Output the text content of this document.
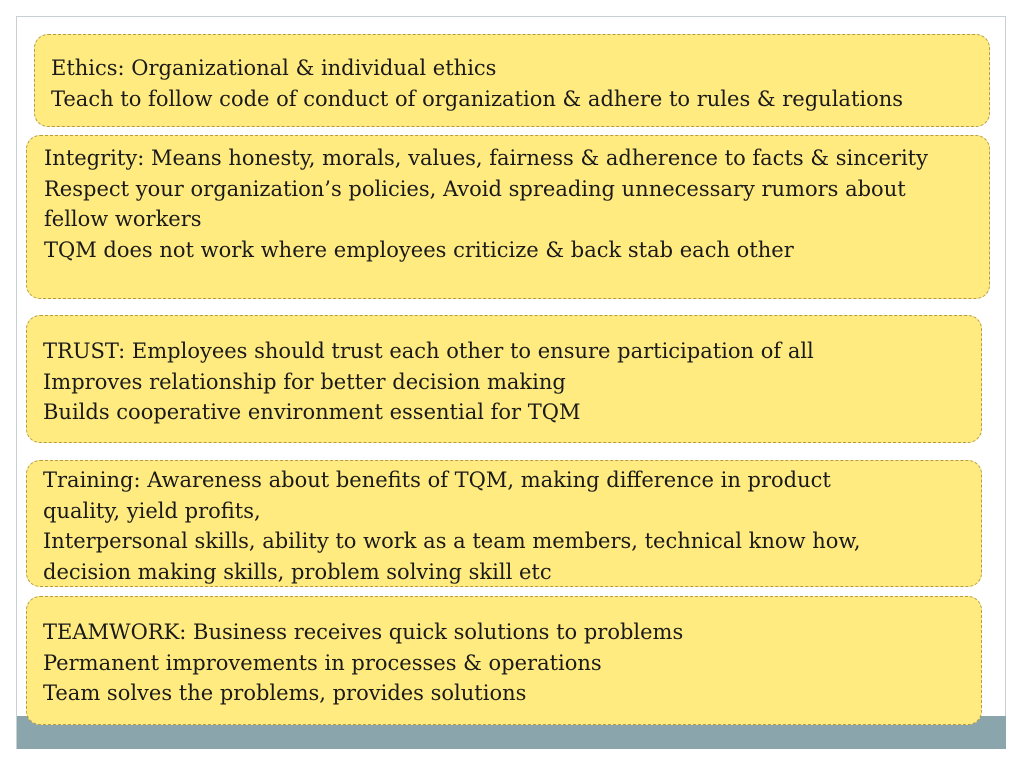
Ethics: Organizational & individual ethics
Teach to follow code of conduct of organization & adhere to rules & regulations
Integrity: Means honesty, morals, values, fairness & adherence to facts & sincerity
Respect your organization’s policies, Avoid spreading unnecessary rumors about
fellow workers
TQM does not work where employees criticize & back stab each other
TRUST: Employees should trust each other to ensure participation of all
Improves relationship for better decision making
Builds cooperative environment essential for TQM
Training: Awareness about benefits of TQM, making difference in product
quality, yield profits,
Interpersonal skills, ability to work as a team members, technical know how,
decision making skills, problem solving skill etc
TEAMWORK: Business receives quick solutions to problems
Permanent improvements in processes & operations
Team solves the problems, provides solutions
